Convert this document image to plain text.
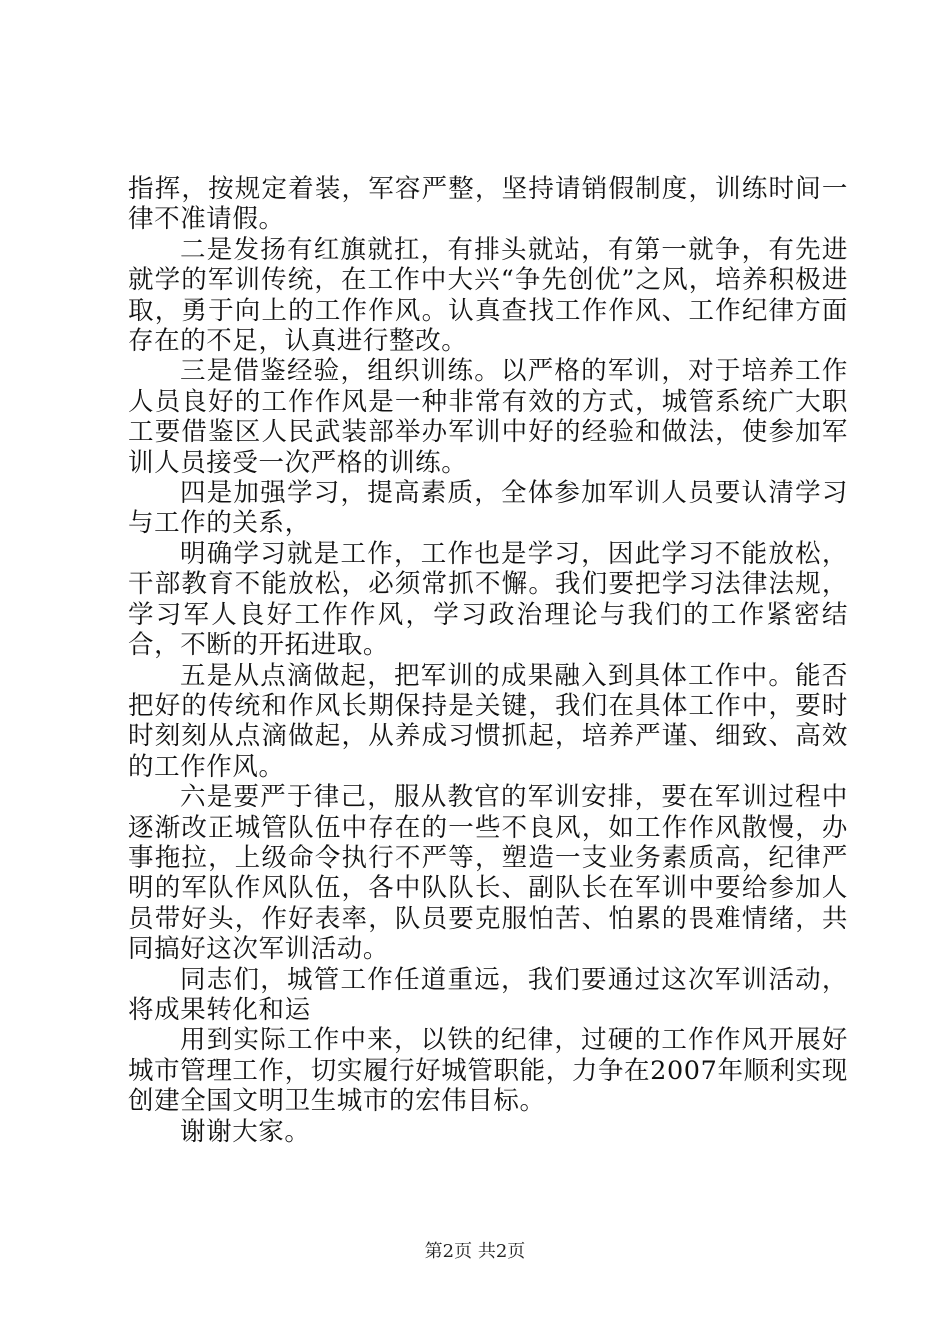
指挥，按规定着装，军容严整，坚持请销假制度，训练时间一律不准请假。

二是发扬有红旗就扛，有排头就站，有第一就争，有先进就学的军训传统，在工作中大兴“争先创优”之风，培养积极进取，勇于向上的工作作风。认真查找工作作风、工作纪律方面存在的不足，认真进行整改。

三是借鉴经验，组织训练。以严格的军训，对于培养工作人员良好的工作作风是一种非常有效的方式，城管系统广大职工要借鉴区人民武装部举办军训中好的经验和做法，使参加军训人员接受一次严格的训练。

四是加强学习，提高素质，全体参加军训人员要认清学习与工作的关系，

明确学习就是工作，工作也是学习，因此学习不能放松，干部教育不能放松，必须常抓不懈。我们要把学习法律法规，学习军人良好工作作风，学习政治理论与我们的工作紧密结合，不断的开拓进取。

五是从点滴做起，把军训的成果融入到具体工作中。能否把好的传统和作风长期保持是关键，我们在具体工作中，要时时刻刻从点滴做起，从养成习惯抓起，培养严谨、细致、高效的工作作风。

六是要严于律己，服从教官的军训安排，要在军训过程中逐渐改正城管队伍中存在的一些不良风，如工作作风散慢，办事拖拉，上级命令执行不严等，塑造一支业务素质高，纪律严明的军队作风队伍，各中队队长、副队长在军训中要给参加人员带好头，作好表率，队员要克服怕苦、怕累的畏难情绪，共同搞好这次军训活动。

同志们，城管工作任道重远，我们要通过这次军训活动，将成果转化和运

用到实际工作中来，以铁的纪律，过硬的工作作风开展好城市管理工作，切实履行好城管职能，力争在2007年顺利实现创建全国文明卫生城市的宏伟目标。

谢谢大家。

第2页 共2页
